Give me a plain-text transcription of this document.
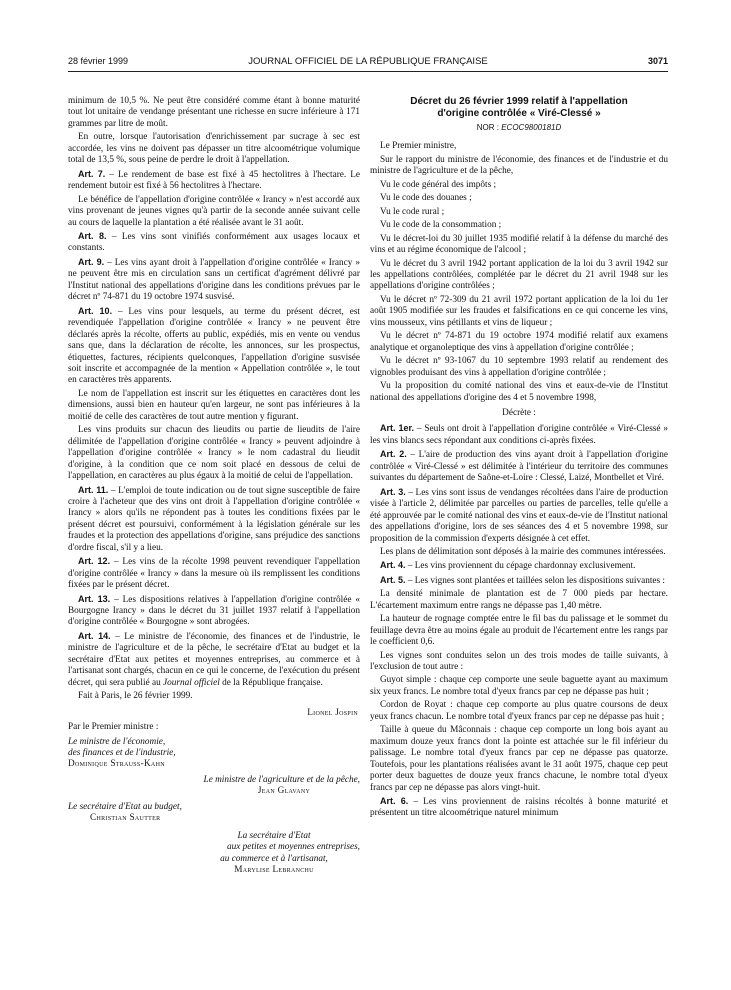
28 février 1999	JOURNAL OFFICIEL DE LA RÉPUBLIQUE FRANÇAISE	3071

minimum de 10,5 %. Ne peut être considéré comme étant à bonne maturité tout lot unitaire de vendange présentant une richesse en sucre inférieure à 171 grammes par litre de moût.

En outre, lorsque l'autorisation d'enrichissement par sucrage à sec est accordée, les vins ne doivent pas dépasser un titre alcoométrique volumique total de 13,5 %, sous peine de perdre le droit à l'appellation.

Art. 7. – Le rendement de base est fixé à 45 hectolitres à l'hectare. Le rendement butoir est fixé à 56 hectolitres à l'hectare.

Le bénéfice de l'appellation d'origine contrôlée « Irancy » n'est accordé aux vins provenant de jeunes vignes qu'à partir de la seconde année suivant celle au cours de laquelle la plantation a été réalisée avant le 31 août.

Art. 8. – Les vins sont vinifiés conformément aux usages locaux et constants.

Art. 9. – Les vins ayant droit à l'appellation d'origine contrôlée « Irancy » ne peuvent être mis en circulation sans un certificat d'agrément délivré par l'Institut national des appellations d'origine dans les conditions prévues par le décret nº 74-871 du 19 octobre 1974 susvisé.

Art. 10. – Les vins pour lesquels, au terme du présent décret, est revendiquée l'appellation d'origine contrôlée « Irancy » ne peuvent être déclarés après la récolte, offerts au public, expédiés, mis en vente ou vendus sans que, dans la déclaration de récolte, les annonces, sur les prospectus, étiquettes, factures, récipients quelconques, l'appellation d'origine susvisée soit inscrite et accompagnée de la mention « Appellation contrôlée », le tout en caractères très apparents.

Le nom de l'appellation est inscrit sur les étiquettes en caractères dont les dimensions, aussi bien en hauteur qu'en largeur, ne sont pas inférieures à la moitié de celle des caractères de tout autre mention y figurant.

Les vins produits sur chacun des lieudits ou partie de lieudits de l'aire délimitée de l'appellation d'origine contrôlée « Irancy » peuvent adjoindre à l'appellation d'origine contrôlée « Irancy » le nom cadastral du lieudit d'origine, à la condition que ce nom soit placé en dessous de celui de l'appellation, en caractères au plus égaux à la moitié de celui de l'appellation.

Art. 11. – L'emploi de toute indication ou de tout signe susceptible de faire croire à l'acheteur que des vins ont droit à l'appellation d'origine contrôlée « Irancy » alors qu'ils ne répondent pas à toutes les conditions fixées par le présent décret est poursuivi, conformément à la législation générale sur les fraudes et la protection des appellations d'origine, sans préjudice des sanctions d'ordre fiscal, s'il y a lieu.

Art. 12. – Les vins de la récolte 1998 peuvent revendiquer l'appellation d'origine contrôlée « Irancy » dans la mesure où ils remplissent les conditions fixées par le présent décret.

Art. 13. – Les dispositions relatives à l'appellation d'origine contrôlée « Bourgogne Irancy » dans le décret du 31 juillet 1937 relatif à l'appellation d'origine contrôlée « Bourgogne » sont abrogées.

Art. 14. – Le ministre de l'économie, des finances et de l'industrie, le ministre de l'agriculture et de la pêche, le secrétaire d'Etat au budget et la secrétaire d'Etat aux petites et moyennes entreprises, au commerce et à l'artisanat sont chargés, chacun en ce qui le concerne, de l'exécution du présent décret, qui sera publié au Journal officiel de la République française.

Fait à Paris, le 26 février 1999.

Lionel Jospin

Par le Premier ministre :

Le ministre de l'économie,

des finances et de l'industrie,

Dominique Strauss-Kahn

Le ministre de l'agriculture et de la pêche,

Jean Glavany

Le secrétaire d'Etat au budget,

Christian Sautter

La secrétaire d'Etat

aux petites et moyennes entreprises,

au commerce et à l'artisanat,

Marylise Lebranchu

Décret du 26 février 1999 relatif à l'appellation
d'origine contrôlée « Viré-Clessé »
NOR : ECOC9800181D

Le Premier ministre,

Sur le rapport du ministre de l'économie, des finances et de l'industrie et du ministre de l'agriculture et de la pêche,

Vu le code général des impôts ;

Vu le code des douanes ;

Vu le code rural ;

Vu le code de la consommation ;

Vu le décret-loi du 30 juillet 1935 modifié relatif à la défense du marché des vins et au régime économique de l'alcool ;

Vu le décret du 3 avril 1942 portant application de la loi du 3 avril 1942 sur les appellations contrôlées, complétée par le décret du 21 avril 1948 sur les appellations d'origine contrôlées ;

Vu le décret nº 72-309 du 21 avril 1972 portant application de la loi du 1er août 1905 modifiée sur les fraudes et falsifications en ce qui concerne les vins, vins mousseux, vins pétillants et vins de liqueur ;

Vu le décret nº 74-871 du 19 octobre 1974 modifié relatif aux examens analytique et organoleptique des vins à appellation d'origine contrôlée ;

Vu le décret nº 93-1067 du 10 septembre 1993 relatif au rendement des vignobles produisant des vins à appellation d'origine contrôlée ;

Vu la proposition du comité national des vins et eaux-de-vie de l'Institut national des appellations d'origine des 4 et 5 novembre 1998,

Décrète :

Art. 1er. – Seuls ont droit à l'appellation d'origine contrôlée « Viré-Clessé » les vins blancs secs répondant aux conditions ci-après fixées.

Art. 2. – L'aire de production des vins ayant droit à l'appellation d'origine contrôlée « Viré-Clessé » est délimitée à l'intérieur du territoire des communes suivantes du département de Saône-et-Loire : Clessé, Laizé, Montbellet et Viré.

Art. 3. – Les vins sont issus de vendanges récoltées dans l'aire de production visée à l'article 2, délimitée par parcelles ou parties de parcelles, telle qu'elle a été approuvée par le comité national des vins et eaux-de-vie de l'Institut national des appellations d'origine, lors de ses séances des 4 et 5 novembre 1998, sur proposition de la commission d'experts désignée à cet effet.

Les plans de délimitation sont déposés à la mairie des communes intéressées.

Art. 4. – Les vins proviennent du cépage chardonnay exclusivement.

Art. 5. – Les vignes sont plantées et taillées selon les dispositions suivantes :

La densité minimale de plantation est de 7 000 pieds par hectare. L'écartement maximum entre rangs ne dépasse pas 1,40 mètre.

La hauteur de rognage comptée entre le fil bas du palissage et le sommet du feuillage devra être au moins égale au produit de l'écartement entre les rangs par le coefficient 0,6.

Les vignes sont conduites selon un des trois modes de taille suivants, à l'exclusion de tout autre :

Guyot simple : chaque cep comporte une seule baguette ayant au maximum six yeux francs. Le nombre total d'yeux francs par cep ne dépasse pas huit ;

Cordon de Royat : chaque cep comporte au plus quatre coursons de deux yeux francs chacun. Le nombre total d'yeux francs par cep ne dépasse pas huit ;

Taille à queue du Mâconnais : chaque cep comporte un long bois ayant au maximum douze yeux francs dont la pointe est attachée sur le fil inférieur du palissage. Le nombre total d'yeux francs par cep ne dépasse pas quatorze. Toutefois, pour les plantations réalisées avant le 31 août 1975, chaque cep peut porter deux baguettes de douze yeux francs chacune, le nombre total d'yeux francs par cep ne dépasse pas alors vingt-huit.

Art. 6. – Les vins proviennent de raisins récoltés à bonne maturité et présentent un titre alcoométrique naturel minimum
